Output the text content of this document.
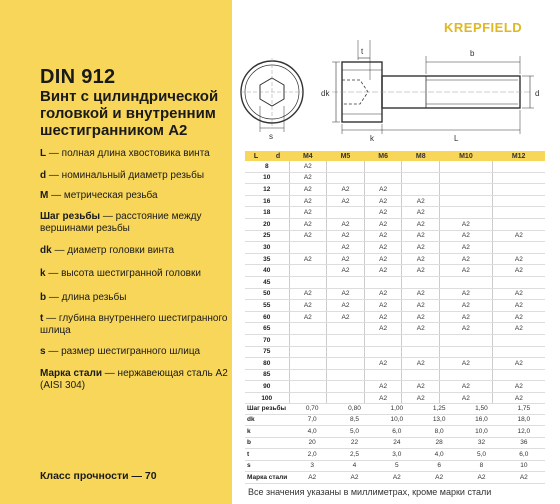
DIN 912
Винт с цилиндрической головкой и внутренним шестигранником А2
L — полная длина хвостовика винта
d — номинальный диаметр резьбы
M — метрическая резьба
Шаг резьбы — расстояние между вершинами резьбы
dk — диаметр головки винта
k — высота шестигранной головки
b — длина резьбы
t — глубина внутреннего шестигранного шлица
s — размер шестигранного шлица
Марка стали — нержавеющая сталь A2 (AISI 304)
Класс прочности — 70
KREPFIELD
s
t	b
dk	d
k	L
L	d	M4	M5	M6	M8	M10	M12
8		A2					
10		A2					
12		A2	A2	A2			
16		A2	A2	A2	A2		
18		A2		A2	A2		
20		A2	A2	A2	A2	A2	
25		A2	A2	A2	A2	A2	A2
30			A2	A2	A2	A2	
35		A2	A2	A2	A2	A2	A2
40			A2	A2	A2	A2	A2
45							
50		A2	A2	A2	A2	A2	A2
55		A2	A2	A2	A2	A2	A2
60		A2	A2	A2	A2	A2	A2
65				A2	A2	A2	A2
70							
75							
80				A2	A2	A2	A2
85							
90				A2	A2	A2	A2
100				A2	A2	A2	A2
Шаг резьбы	0,70	0,80	1,00	1,25	1,50	1,75
dk	7,0	8,5	10,0	13,0	16,0	18,0
k	4,0	5,0	6,0	8,0	10,0	12,0
b	20	22	24	28	32	36
t	2,0	2,5	3,0	4,0	5,0	6,0
s	3	4	5	6	8	10
Марка стали	A2	A2	A2	A2	A2	A2
Все значения указаны в миллиметрах, кроме марки стали
